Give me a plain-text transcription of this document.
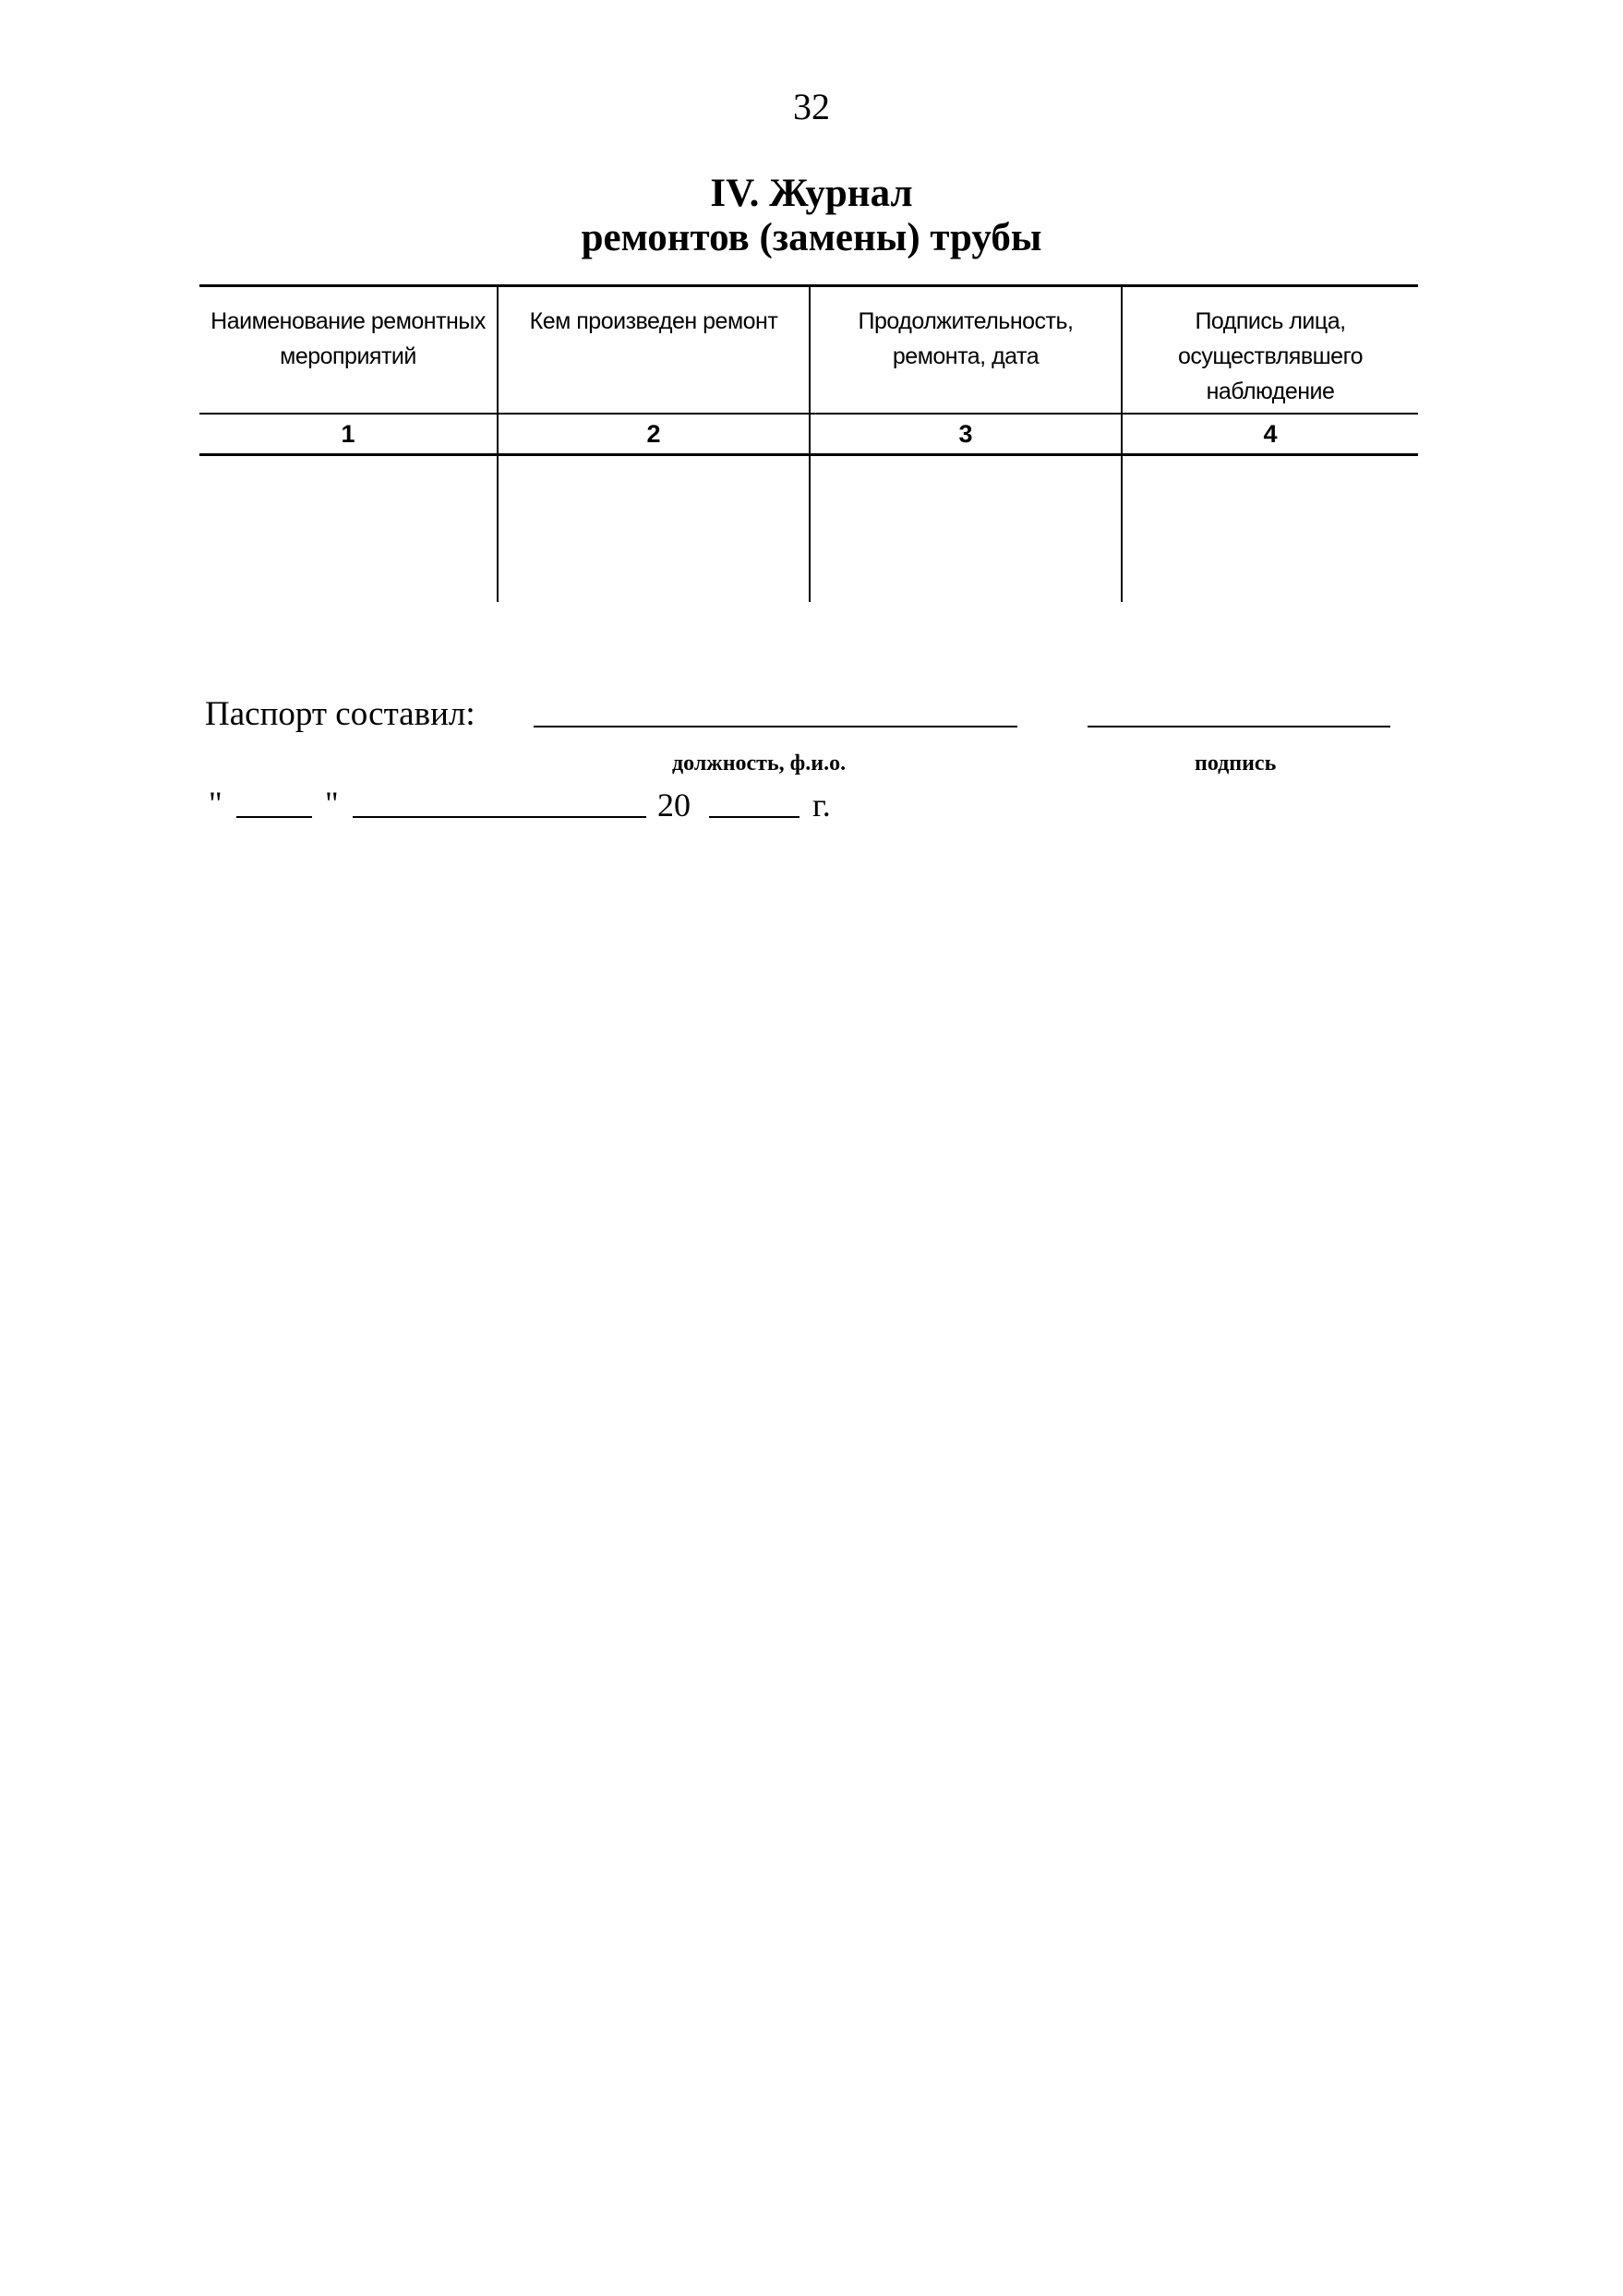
32
IV. Журнал
ремонтов (замены) трубы
Наименование ремонтных мероприятий	Кем произведен ремонт	Продолжительность, ремонта, дата	Подпись лица, осуществлявшего наблюдение
1	2	3	4

Паспорт составил:
должность, ф.и.о.	подпись
"	"	20	г.
